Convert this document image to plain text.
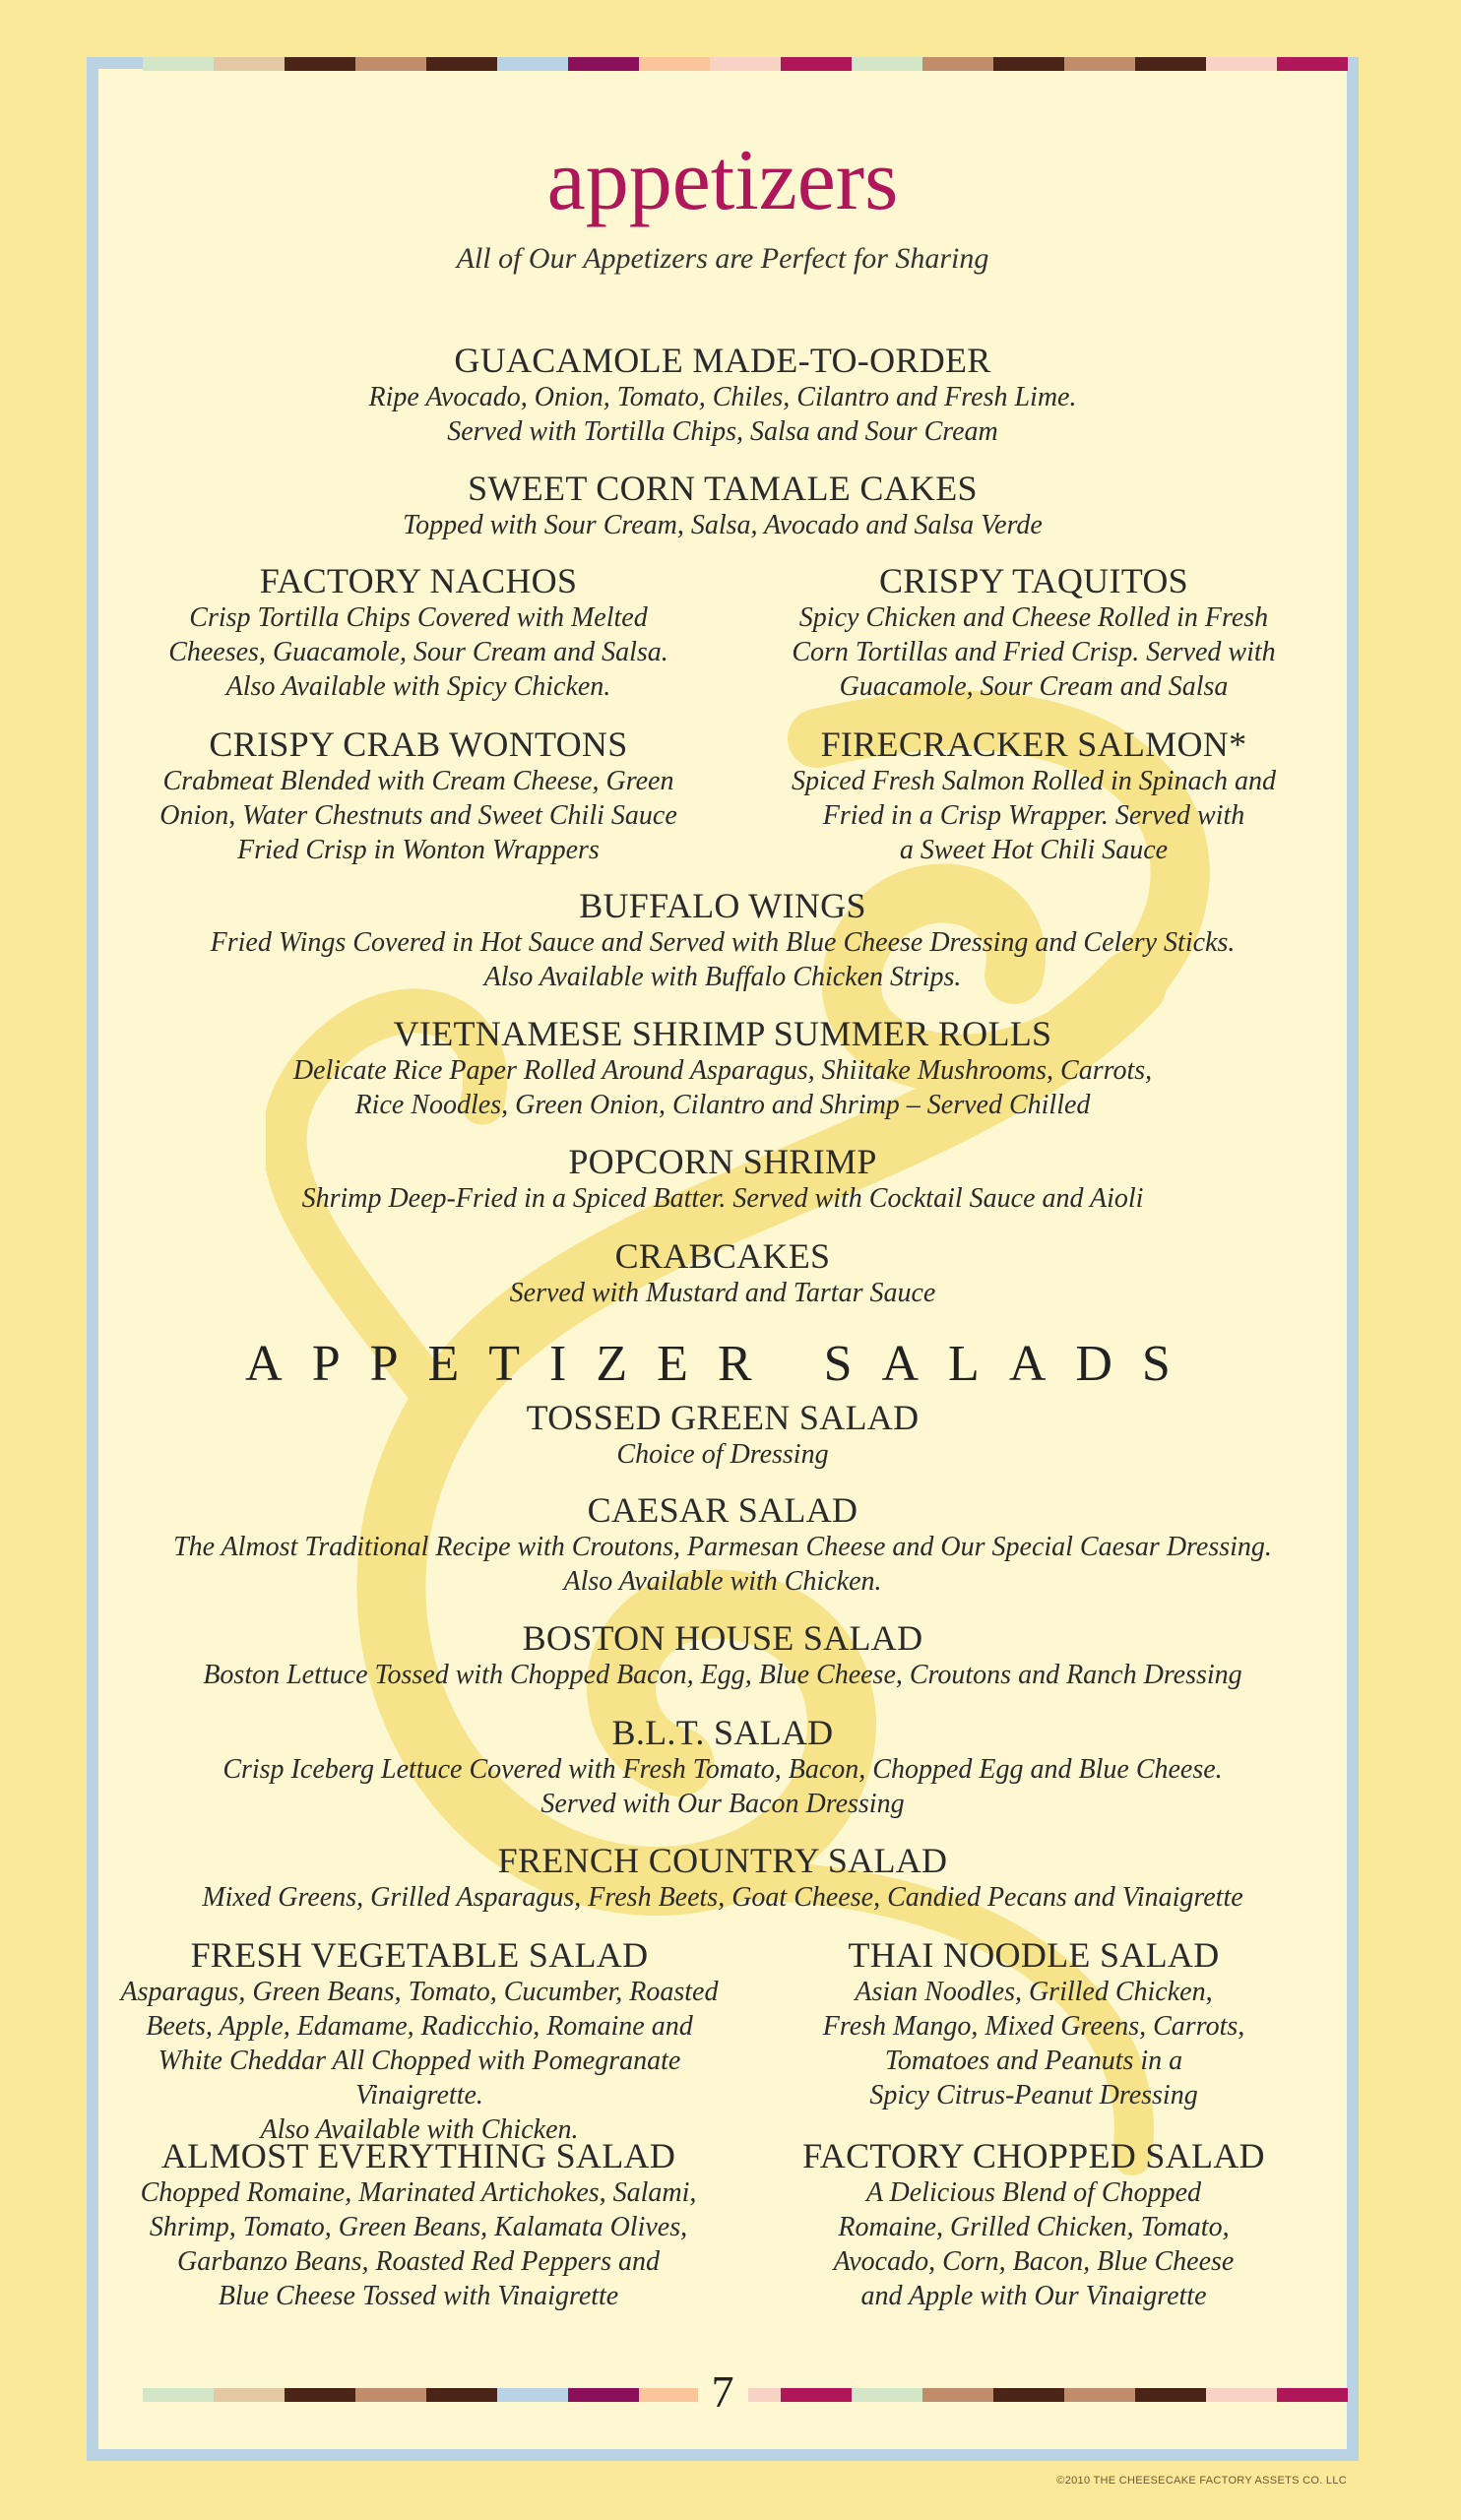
appetizers
All of Our Appetizers are Perfect for Sharing
GUACAMOLE MADE-TO-ORDER
Ripe Avocado, Onion, Tomato, Chiles, Cilantro and Fresh Lime.
Served with Tortilla Chips, Salsa and Sour Cream
SWEET CORN TAMALE CAKES
Topped with Sour Cream, Salsa, Avocado and Salsa Verde
FACTORY NACHOS
Crisp Tortilla Chips Covered with Melted
Cheeses, Guacamole, Sour Cream and Salsa.
Also Available with Spicy Chicken.
CRISPY TAQUITOS
Spicy Chicken and Cheese Rolled in Fresh
Corn Tortillas and Fried Crisp. Served with
Guacamole, Sour Cream and Salsa
CRISPY CRAB WONTONS
Crabmeat Blended with Cream Cheese, Green
Onion, Water Chestnuts and Sweet Chili Sauce
Fried Crisp in Wonton Wrappers
FIRECRACKER SALMON*
Spiced Fresh Salmon Rolled in Spinach and
Fried in a Crisp Wrapper. Served with
a Sweet Hot Chili Sauce
BUFFALO WINGS
Fried Wings Covered in Hot Sauce and Served with Blue Cheese Dressing and Celery Sticks.
Also Available with Buffalo Chicken Strips.
VIETNAMESE SHRIMP SUMMER ROLLS
Delicate Rice Paper Rolled Around Asparagus, Shiitake Mushrooms, Carrots,
Rice Noodles, Green Onion, Cilantro and Shrimp – Served Chilled
POPCORN SHRIMP
Shrimp Deep-Fried in a Spiced Batter. Served with Cocktail Sauce and Aioli
CRABCAKES
Served with Mustard and Tartar Sauce
APPETIZER SALADS
TOSSED GREEN SALAD
Choice of Dressing
CAESAR SALAD
The Almost Traditional Recipe with Croutons, Parmesan Cheese and Our Special Caesar Dressing.
Also Available with Chicken.
BOSTON HOUSE SALAD
Boston Lettuce Tossed with Chopped Bacon, Egg, Blue Cheese, Croutons and Ranch Dressing
B.L.T. SALAD
Crisp Iceberg Lettuce Covered with Fresh Tomato, Bacon, Chopped Egg and Blue Cheese.
Served with Our Bacon Dressing
FRENCH COUNTRY SALAD
Mixed Greens, Grilled Asparagus, Fresh Beets, Goat Cheese, Candied Pecans and Vinaigrette
FRESH VEGETABLE SALAD
Asparagus, Green Beans, Tomato, Cucumber, Roasted
Beets, Apple, Edamame, Radicchio, Romaine and
White Cheddar All Chopped with Pomegranate Vinaigrette.
Also Available with Chicken.
THAI NOODLE SALAD
Asian Noodles, Grilled Chicken,
Fresh Mango, Mixed Greens, Carrots,
Tomatoes and Peanuts in a
Spicy Citrus-Peanut Dressing
ALMOST EVERYTHING SALAD
Chopped Romaine, Marinated Artichokes, Salami,
Shrimp, Tomato, Green Beans, Kalamata Olives,
Garbanzo Beans, Roasted Red Peppers and
Blue Cheese Tossed with Vinaigrette
FACTORY CHOPPED SALAD
A Delicious Blend of Chopped
Romaine, Grilled Chicken, Tomato,
Avocado, Corn, Bacon, Blue Cheese
and Apple with Our Vinaigrette
7
©2010 THE CHEESECAKE FACTORY ASSETS CO. LLC
